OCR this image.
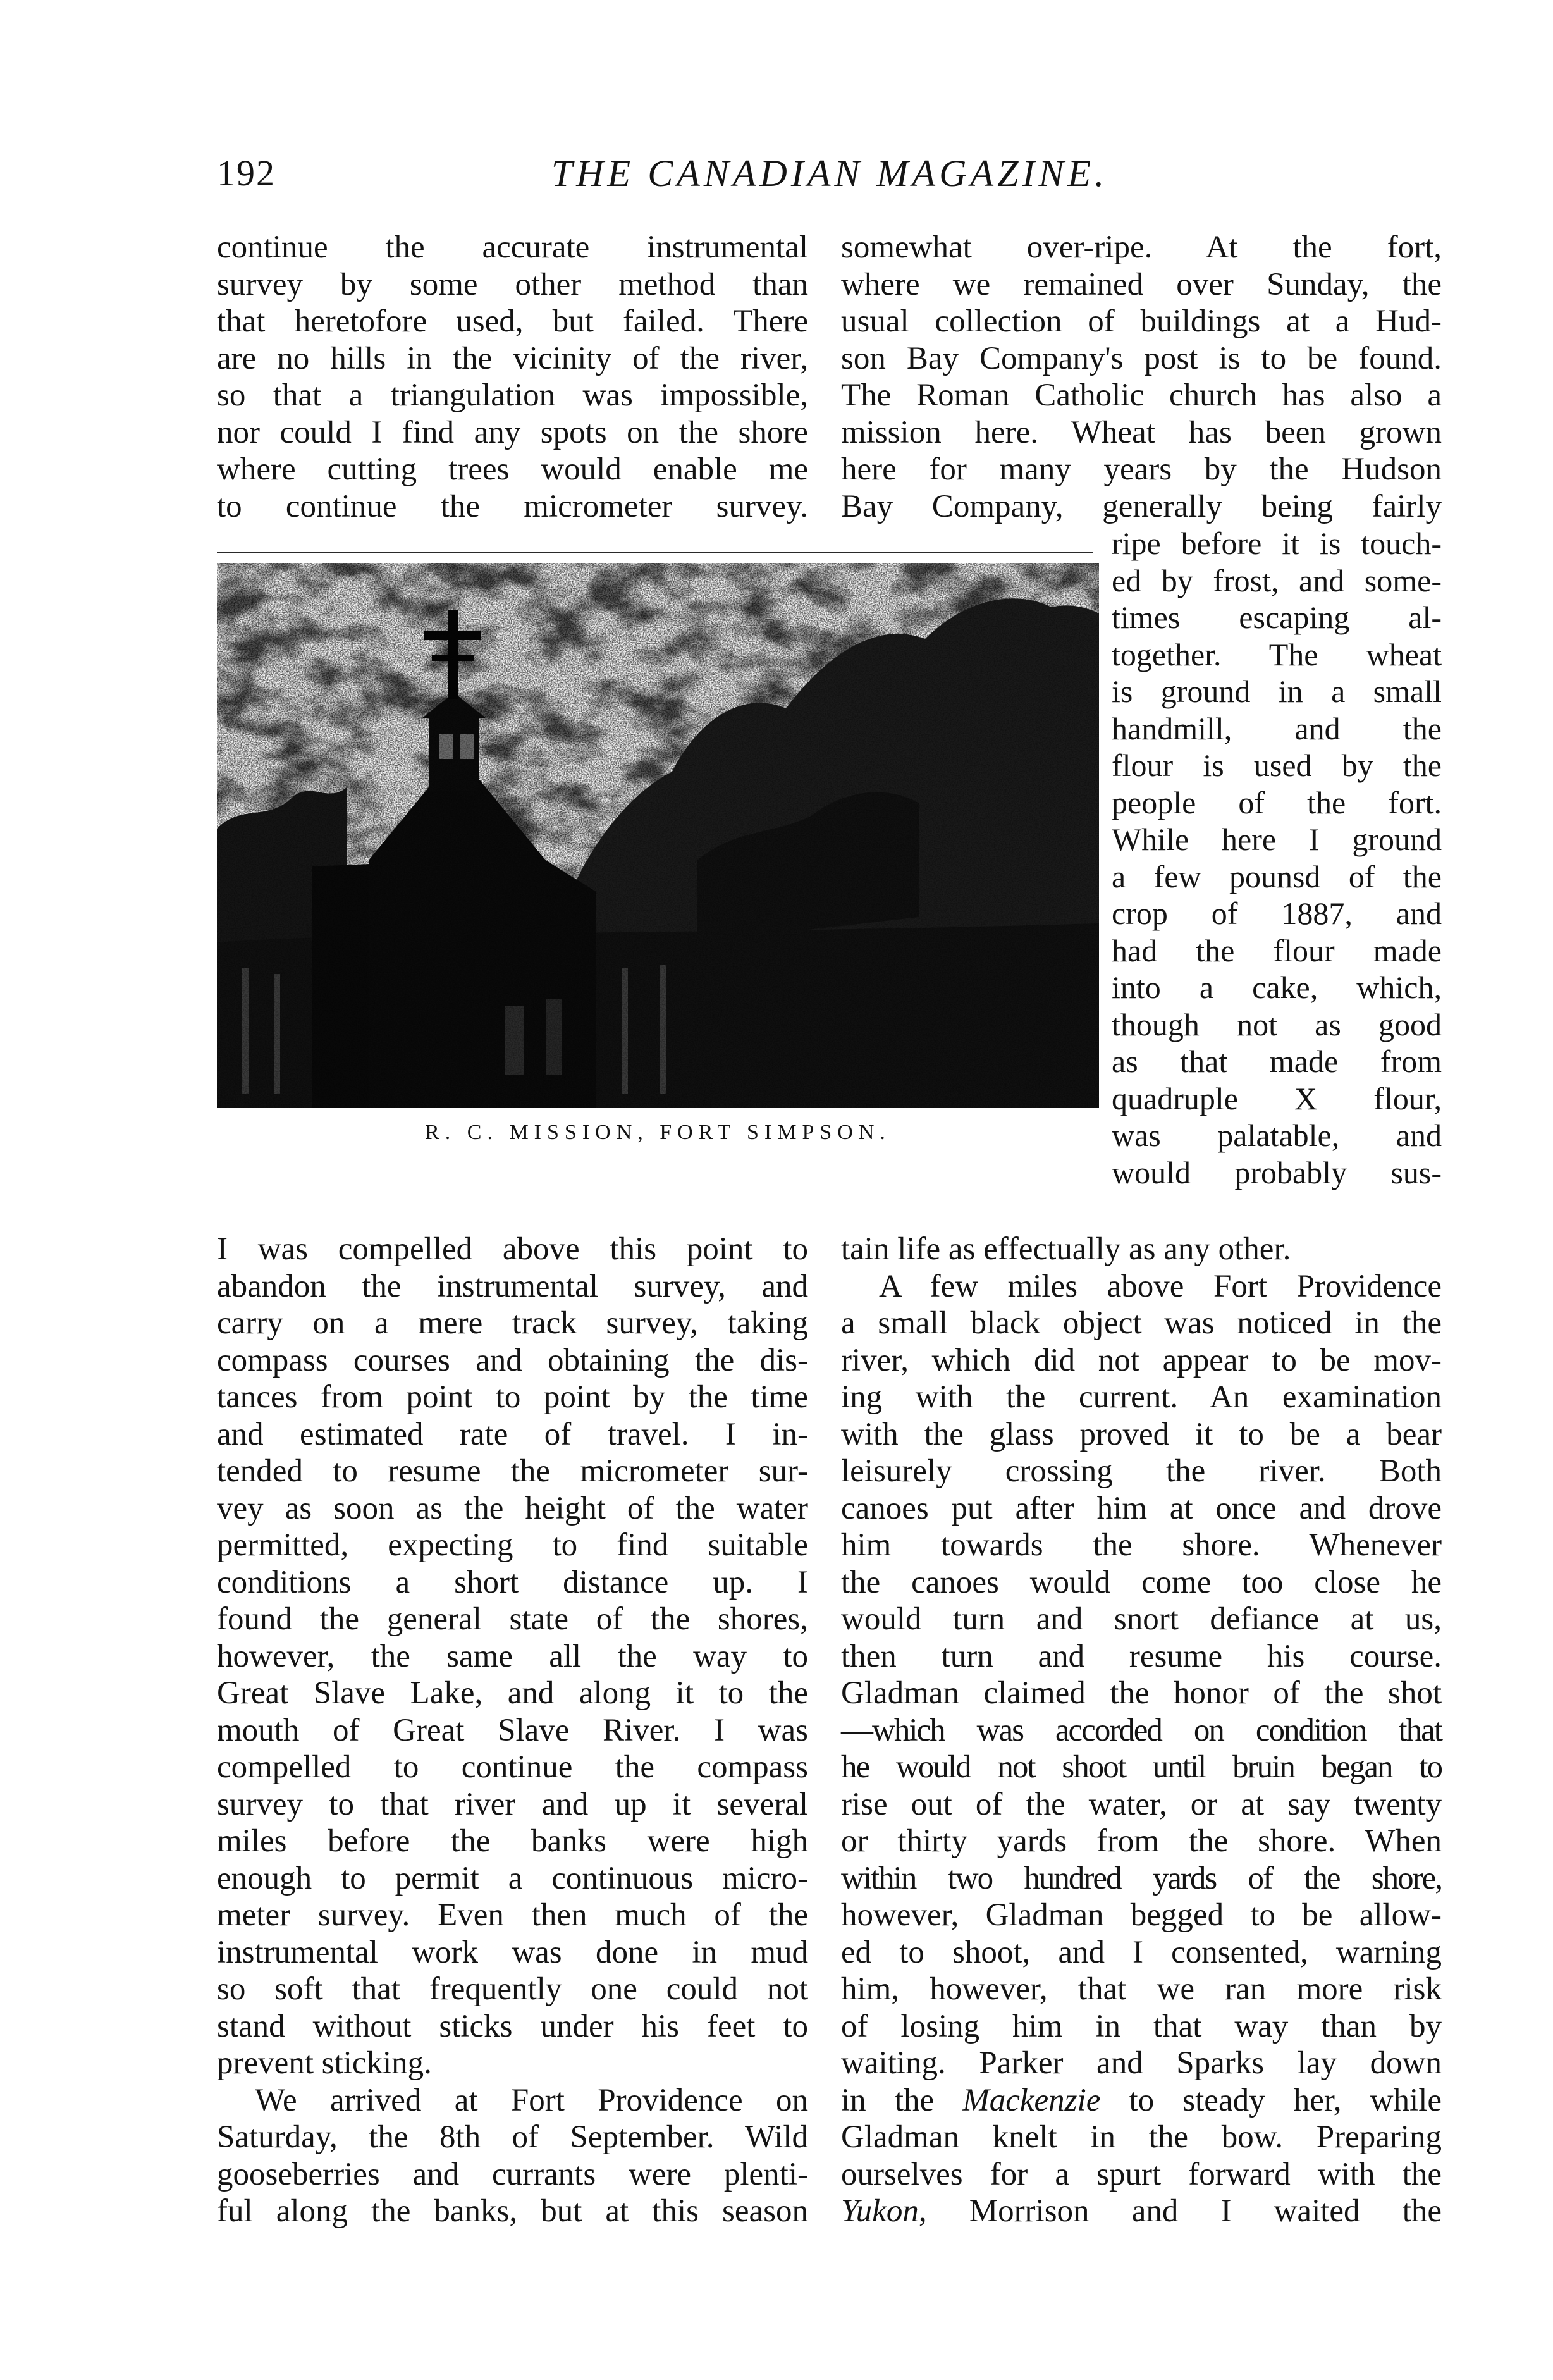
192	THE CANADIAN MAGAZINE.

continue the accurate instrumental

survey by some other method than

that heretofore used, but failed. There

are no hills in the vicinity of the river,

so that a triangulation was impossible,

nor could I find any spots on the shore

where cutting trees would enable me

to continue the micrometer survey.

somewhat over-ripe. At the fort,

where we remained over Sunday, the

usual collection of buildings at a Hud-

son Bay Company's post is to be found.

The Roman Catholic church has also a

mission here. Wheat has been grown

here for many years by the Hudson

Bay Company, generally being fairly

R. C. MISSION, FORT SIMPSON.

ripe before it is touch-

ed by frost, and some-

times escaping al-

together. The wheat

is ground in a small

handmill, and the

flour is used by the

people of the fort.

While here I ground

a few pounsd of the

crop of 1887, and

had the flour made

into a cake, which,

though not as good

as that made from

quadruple X flour,

was palatable, and

would probably sus-

I was compelled above this point to

abandon the instrumental survey, and

carry on a mere track survey, taking

compass courses and obtaining the dis-

tances from point to point by the time

and estimated rate of travel. I in-

tended to resume the micrometer sur-

vey as soon as the height of the water

permitted, expecting to find suitable

conditions a short distance up. I

found the general state of the shores,

however, the same all the way to

Great Slave Lake, and along it to the

mouth of Great Slave River. I was

compelled to continue the compass

survey to that river and up it several

miles before the banks were high

enough to permit a continuous micro-

meter survey. Even then much of the

instrumental work was done in mud

so soft that frequently one could not

stand without sticks under his feet to

prevent sticking.

We arrived at Fort Providence on

Saturday, the 8th of September. Wild

gooseberries and currants were plenti-

ful along the banks, but at this season

tain life as effectually as any other.

A few miles above Fort Providence

a small black object was noticed in the

river, which did not appear to be mov-

ing with the current. An examination

with the glass proved it to be a bear

leisurely crossing the river. Both

canoes put after him at once and drove

him towards the shore. Whenever

the canoes would come too close he

would turn and snort defiance at us,

then turn and resume his course.

Gladman claimed the honor of the shot

—which was accorded on condition that

he would not shoot until bruin began to

rise out of the water, or at say twenty

or thirty yards from the shore. When

within two hundred yards of the shore,

however, Gladman begged to be allow-

ed to shoot, and I consented, warning

him, however, that we ran more risk

of losing him in that way than by

waiting. Parker and Sparks lay down

in the Mackenzie to steady her, while

Gladman knelt in the bow. Preparing

ourselves for a spurt forward with the

Yukon, Morrison and I waited the
